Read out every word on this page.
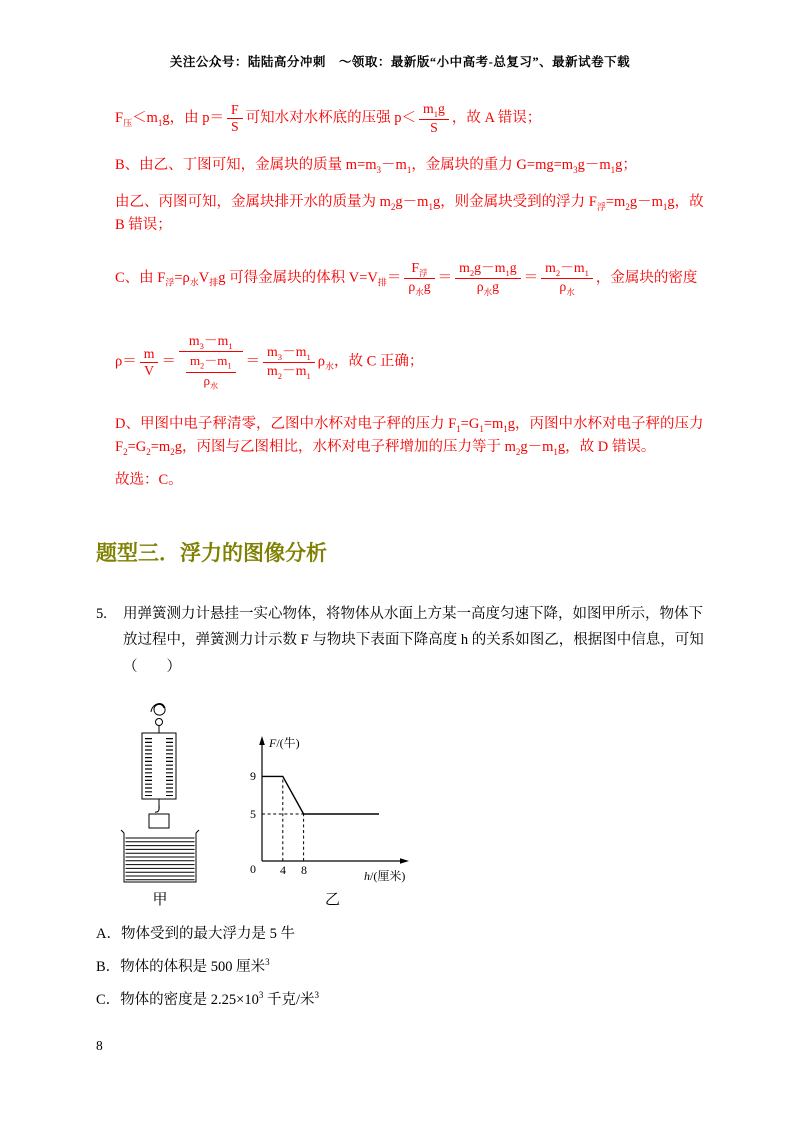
关注公众号：陆陆高分冲刺　～领取：最新版“小中高考-总复习”、最新试卷下载
$F_压<m_1g$，由 $p= \frac{F}{S}$ 可知水对水杯底的压强 $p< \frac{m_1g}{S}$ ，故 A 错误；
B、由乙、丁图可知，金属块的质量 $m=m_3-m_1$，金属块的重力 $G=mg=m_3g-m_1g$；
由乙、丙图可知，金属块排开水的质量为 $m_2g-m_1g$，则金属块受到的浮力 $F_浮=m_2g-m_1g$，故 B 错误；
C、由 $F_浮=\rho_水V_排g$ 可得金属块的体积 $V=V_排= \frac{F_浮}{\rho_水g} = \frac{m_2g-m_1g}{\rho_水g} = \frac{m_2-m_1}{\rho_水}$ ，金属块的密度
$\rho= \frac{m}{V} = \frac{m_3-m_1}{\frac{m_2-m_1}{\rho_水}} = \frac{m_3-m_1}{m_2-m_1} \rho_水$，故 C 正确；
D、甲图中电子秤清零，乙图中水杯对电子秤的压力 $F_1=G_1=m_1g$，丙图中水杯对电子秤的压力 $F_2=G_2=m_2g$，丙图与乙图相比，水杯对电子秤增加的压力等于 $m_2g-m_1g$，故 D 错误。
故选：C。
题型三．浮力的图像分析
5.	用弹簧测力计悬挂一实心物体，将物体从水面上方某一高度匀速下降，如图甲所示，物体下放过程中，弹簧测力计示数 F 与物块下表面下降高度 h 的关系如图乙，根据图中信息，可知（　　）
甲
F/(牛)
h/(厘米)
9
5
0 4 8
乙
A．物体受到的最大浮力是 5 牛
B．物体的体积是 500 厘米$^3$
C．物体的密度是 $2.25\times 10^3$ 千克/米$^3$
8
